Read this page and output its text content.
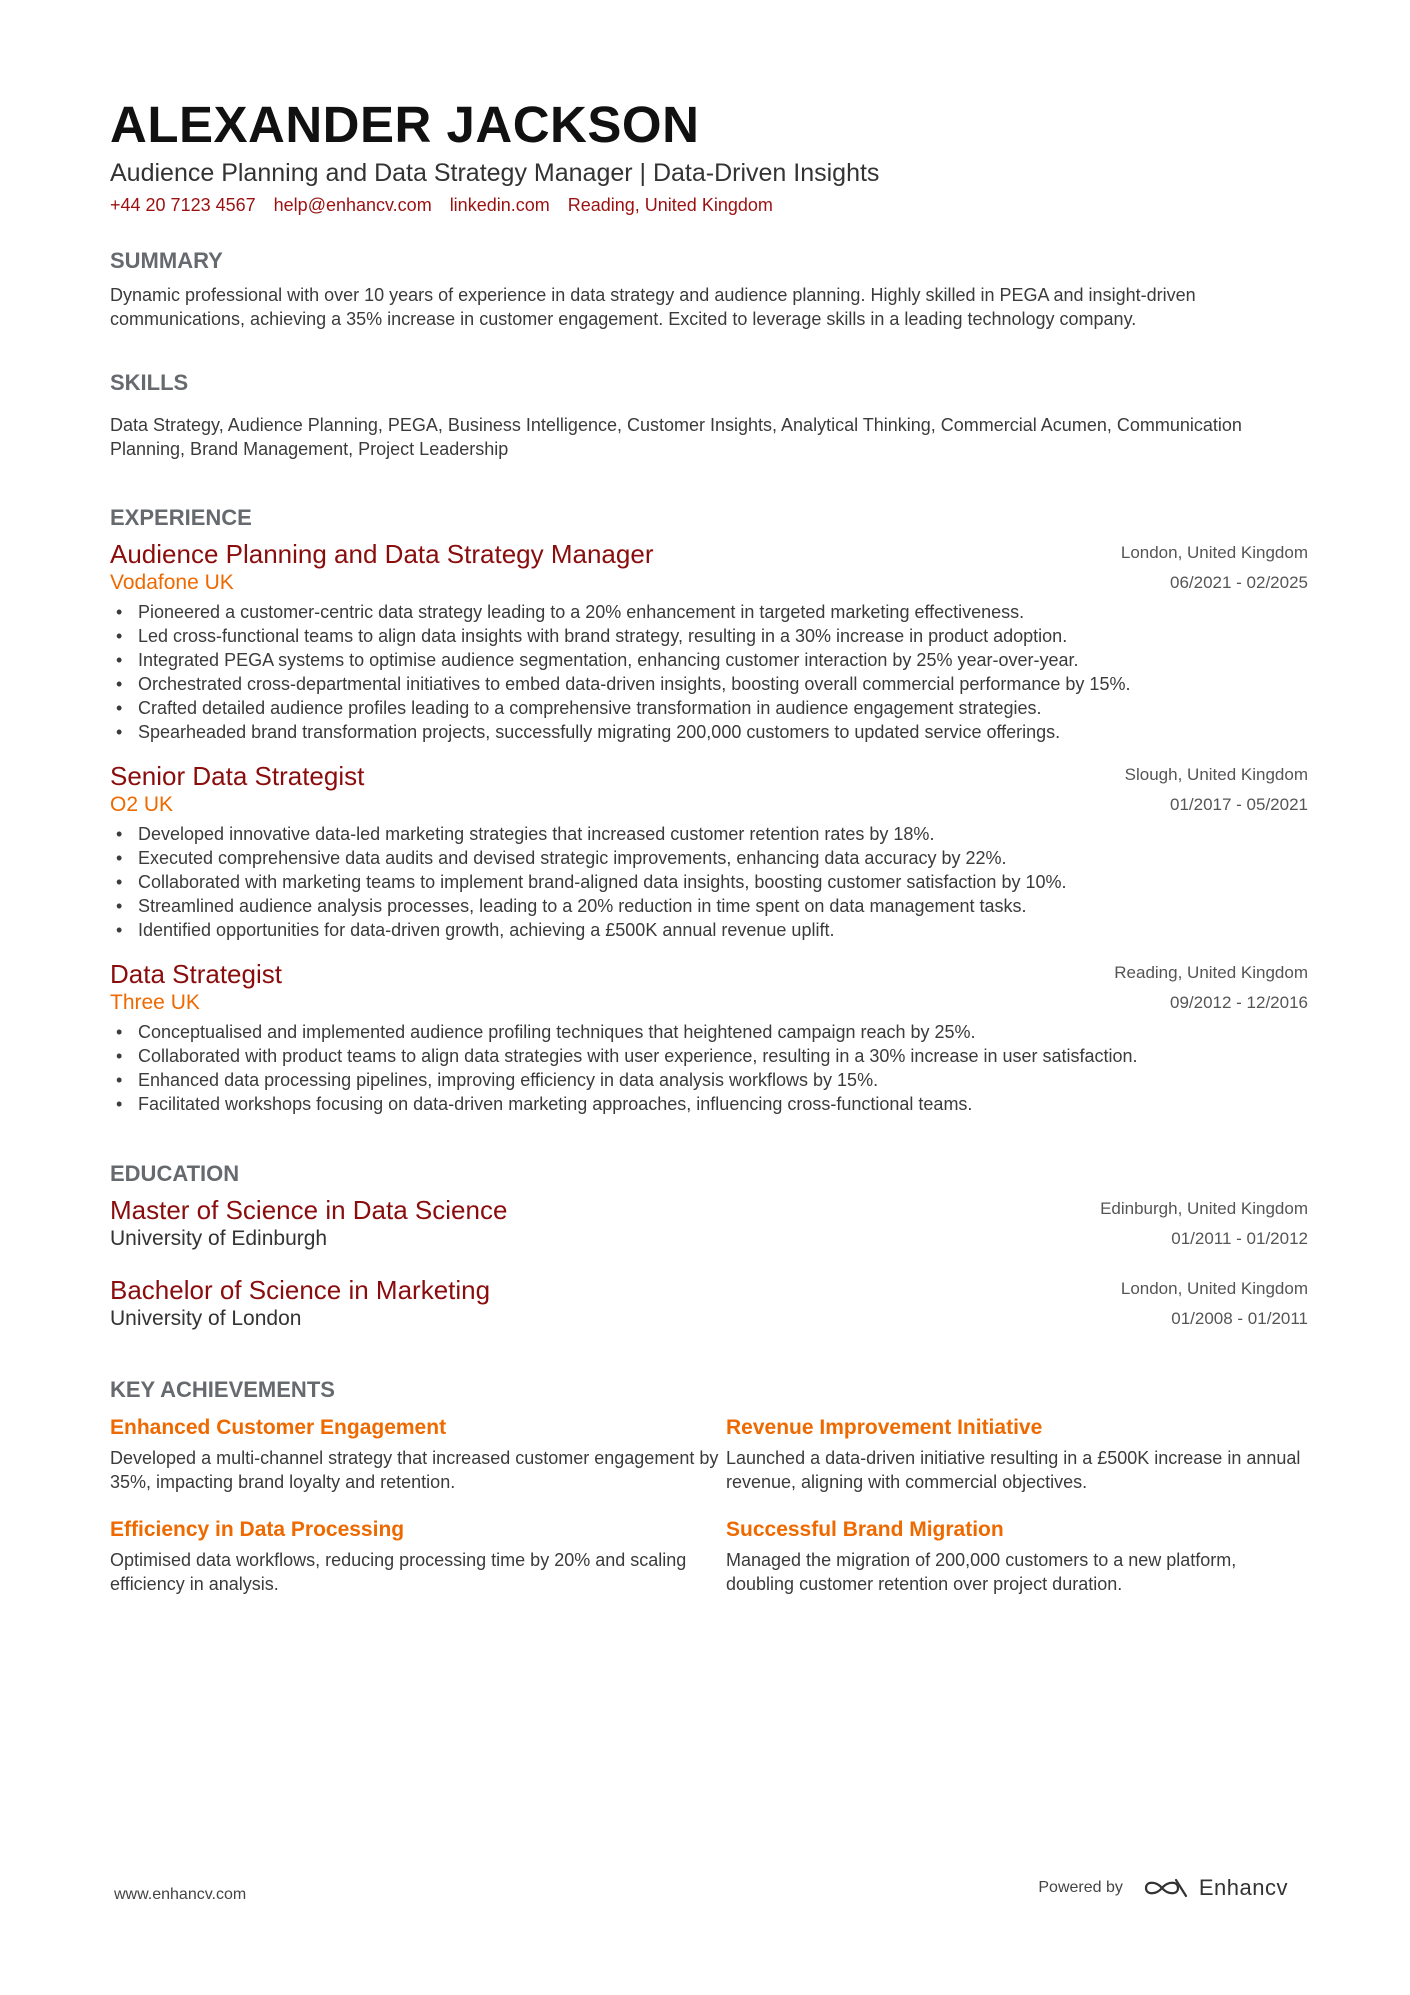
ALEXANDER JACKSON
Audience Planning and Data Strategy Manager | Data-Driven Insights
+44 20 7123 4567 help@enhancv.com linkedin.com Reading, United Kingdom
SUMMARY

Dynamic professional with over 10 years of experience in data strategy and audience planning. Highly skilled in PEGA and insight-driven communications, achieving a 35% increase in customer engagement. Excited to leverage skills in a leading technology company.

SKILLS

Data Strategy, Audience Planning, PEGA, Business Intelligence, Customer Insights, Analytical Thinking, Commercial Acumen, Communication Planning, Brand Management, Project Leadership

EXPERIENCE
Audience Planning and Data Strategy Manager
Vodafone UK
London, United Kingdom
06/2021 - 02/2025
• Pioneered a customer-centric data strategy leading to a 20% enhancement in targeted marketing effectiveness.
• Led cross-functional teams to align data insights with brand strategy, resulting in a 30% increase in product adoption.
• Integrated PEGA systems to optimise audience segmentation, enhancing customer interaction by 25% year-over-year.
• Orchestrated cross-departmental initiatives to embed data-driven insights, boosting overall commercial performance by 15%.
• Crafted detailed audience profiles leading to a comprehensive transformation in audience engagement strategies.
• Spearheaded brand transformation projects, successfully migrating 200,000 customers to updated service offerings.
Senior Data Strategist
O2 UK
Slough, United Kingdom
01/2017 - 05/2021
• Developed innovative data-led marketing strategies that increased customer retention rates by 18%.
• Executed comprehensive data audits and devised strategic improvements, enhancing data accuracy by 22%.
• Collaborated with marketing teams to implement brand-aligned data insights, boosting customer satisfaction by 10%.
• Streamlined audience analysis processes, leading to a 20% reduction in time spent on data management tasks.
• Identified opportunities for data-driven growth, achieving a £500K annual revenue uplift.
Data Strategist
Three UK
Reading, United Kingdom
09/2012 - 12/2016
• Conceptualised and implemented audience profiling techniques that heightened campaign reach by 25%.
• Collaborated with product teams to align data strategies with user experience, resulting in a 30% increase in user satisfaction.
• Enhanced data processing pipelines, improving efficiency in data analysis workflows by 15%.
• Facilitated workshops focusing on data-driven marketing approaches, influencing cross-functional teams.
EDUCATION
Master of Science in Data Science
University of Edinburgh
Edinburgh, United Kingdom
01/2011 - 01/2012
Bachelor of Science in Marketing
University of London
London, United Kingdom
01/2008 - 01/2011
KEY ACHIEVEMENTS
Enhanced Customer Engagement
Developed a multi-channel strategy that increased customer engagement by 35%, impacting brand loyalty and retention.
Revenue Improvement Initiative
Launched a data-driven initiative resulting in a £500K increase in annual revenue, aligning with commercial objectives.
Efficiency in Data Processing
Optimised data workflows, reducing processing time by 20% and scaling efficiency in analysis.
Successful Brand Migration
Managed the migration of 200,000 customers to a new platform, doubling customer retention over project duration.
www.enhancv.com	Powered by	Enhancv
